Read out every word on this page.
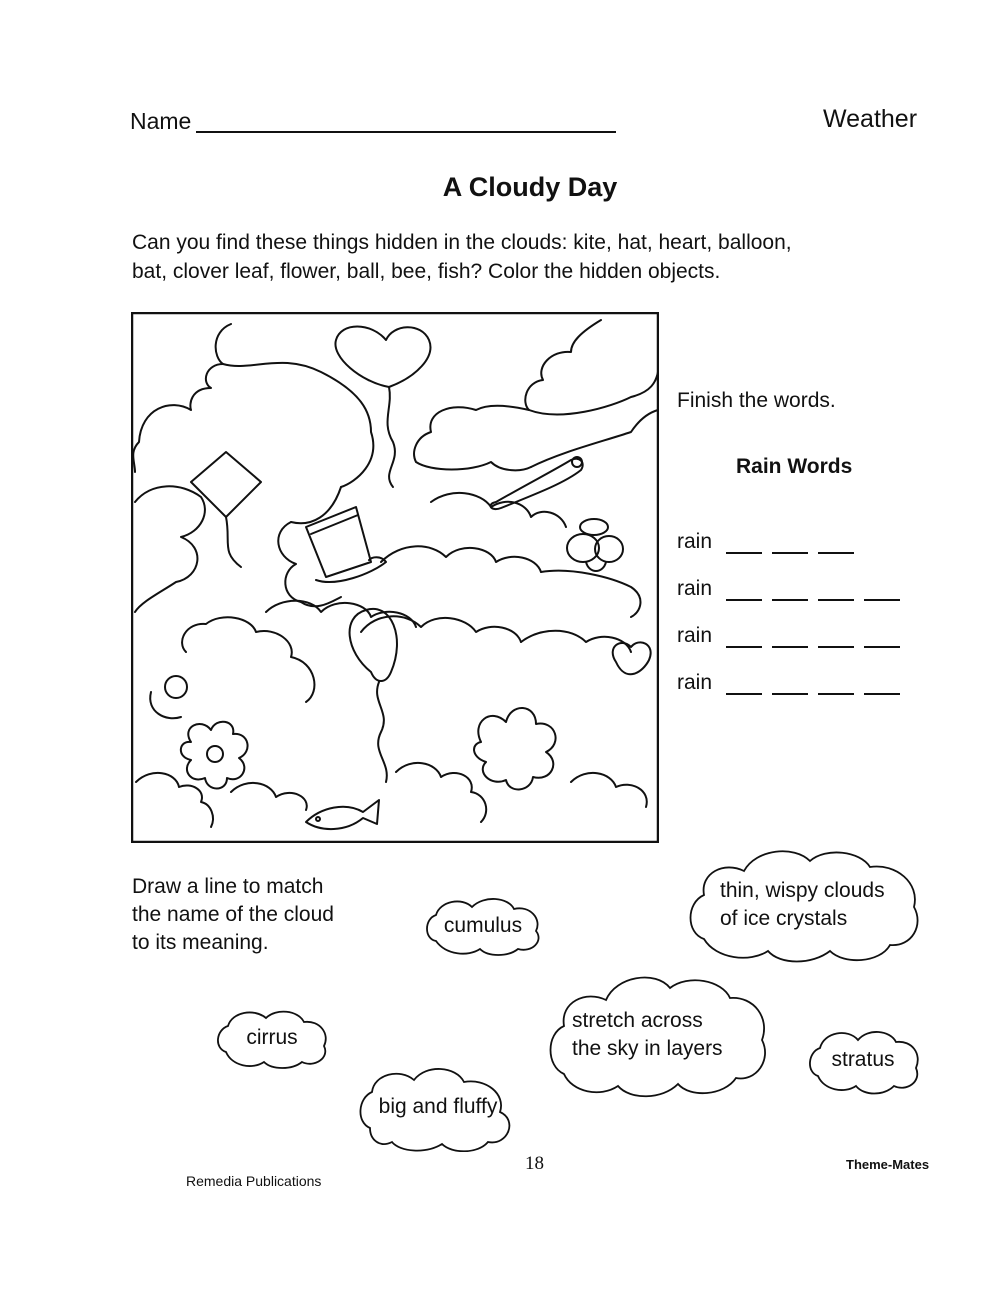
Name	Weather
A Cloudy Day
Can you find these things hidden in the clouds: kite, hat, heart, balloon,
bat, clover leaf, flower, ball, bee, fish? Color the hidden objects.
Finish the words.
Rain Words
rain
rain
rain
rain
Draw a line to match
the name of the cloud
to its meaning.
cumulus
thin, wispy clouds
of ice crystals
cirrus
stretch across
the sky in layers	stratus
big and fluffy
18
Remedia Publications
Theme-Mates
